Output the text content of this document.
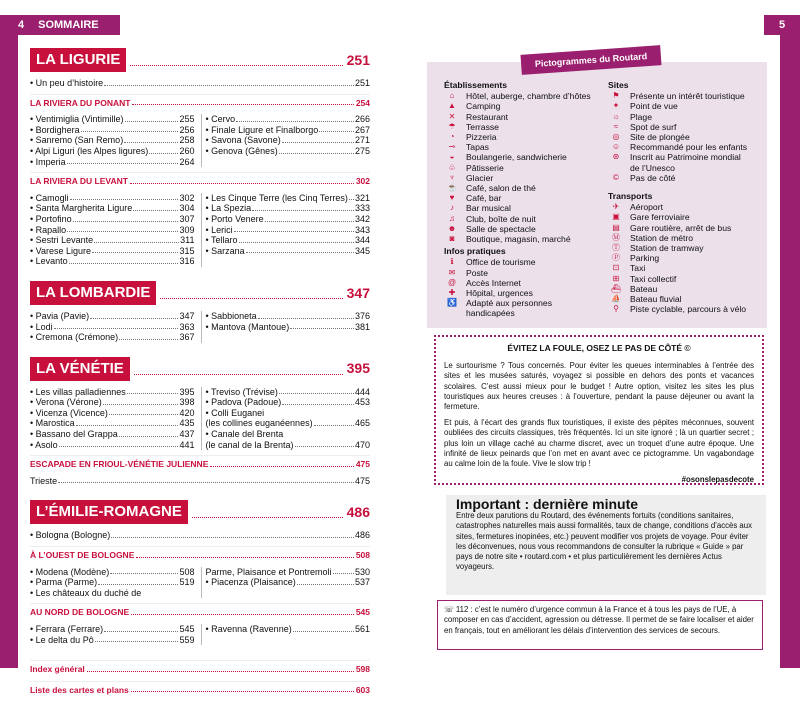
4 SOMMAIRE	5
LA LIGURIE	251
• Un peu d’histoire	251
LA RIVIERA DU PONANT	254
• Ventimiglia (Vintimille)	255
• Bordighera	256
• Sanremo (San Remo)	258
• Alpi Liguri (les Alpes ligures)	260
• Imperia	264
• Cervo	266
• Finale Ligure et Finalborgo	267
• Savona (Savone)	271
• Genova (Gênes)	275
LA RIVIERA DU LEVANT	302
• Camogli	302
• Santa Margherita Ligure	304
• Portofino	307
• Rapallo	309
• Sestri Levante	311
• Varese Ligure	315
• Levanto	316
• Les Cinque Terre (les Cinq Terres) 321
• La Spezia	333
• Porto Venere	342
• Lerici	343
• Tellaro	344
• Sarzana	345
LA LOMBARDIE	347
• Pavia (Pavie)	347
• Lodi	363
• Cremona (Crémone)	367
• Sabbioneta	376
• Mantova (Mantoue)	381
LA VÉNÉTIE	395
• Les villas palladiennes	395
• Verona (Vérone)	398
• Vicenza (Vicence)	420
• Marostica	435
• Bassano del Grappa	437
• Asolo	441
• Treviso (Trévise)	444
• Padova (Padoue)	453
• Colli Euganei
(les collines euganéennes)	465
• Canale del Brenta
(le canal de la Brenta)	470
ESCAPADE EN FRIOUL-VÉNÉTIE JULIENNE	475
Trieste	475
L’ÉMILIE-ROMAGNE	486
• Bologna (Bologne)	486
À L’OUEST DE BOLOGNE	508
• Modena (Modène)	508
• Parma (Parme)	519
• Les châteaux du duché de
Parme, Plaisance et Pontremoli	530
• Piacenza (Plaisance)	537
AU NORD DE BOLOGNE	545
• Ferrara (Ferrare)	545
• Le delta du Pô	559
• Ravenna (Ravenne)	561
Index général	598
Liste des cartes et plans	603
Pictogrammes du Routard
Établissements
⌂	Hôtel, auberge, chambre d’hôtes
▲	Camping
✕	Restaurant
☂	Terrasse
◔	Pizzeria
⊸	Tapas
◒	Boulangerie, sandwicherie
♧	Pâtisserie
♆	Glacier
☕	Café, salon de thé
♥	Café, bar
♪	Bar musical
♫	Club, boîte de nuit
☻	Salle de spectacle
◙	Boutique, magasin, marché
Infos pratiques
ℹ	Office de tourisme
✉	Poste
@	Accès Internet
✚	Hôpital, urgences
♿	Adapté aux personnes
handicapées
Sites
⚑	Présente un intérêt touristique
✦	Point de vue
☼	Plage
≈	Spot de surf
◎	Site de plongée
☺	Recommandé pour les enfants
⊛	Inscrit au Patrimoine mondial
de l’Unesco
©	Pas de côté
Transports
✈	Aéroport
▣	Gare ferroviaire
▤	Gare routière, arrêt de bus
Ⓜ	Station de métro
Ⓣ	Station de tramway
Ⓟ	Parking
⊡	Taxi
⊞	Taxi collectif
⛴	Bateau
⛵	Bateau fluvial
⚲	Piste cyclable, parcours à vélo
ÉVITEZ LA FOULE, OSEZ LE PAS DE CÔTÉ ©

Le surtourisme ? Tous concernés. Pour éviter les queues interminables à l’entrée des sites et les musées saturés, voyagez si possible en dehors des ponts et vacances scolaires. C’est aussi mieux pour le budget ! Autre option, visitez les sites les plus touristiques aux heures creuses : à l’ouverture, pendant la pause déjeuner ou avant la fermeture.

Et puis, à l’écart des grands flux touristiques, il existe des pépites méconnues, souvent oubliées des circuits classiques, très fréquentés. Ici un site ignoré ; là un quartier secret ; plus loin un village caché au charme discret, avec un troquet d’une autre époque. Une infinité de lieux peinards que l’on met en avant avec ce pictogramme. Un vagabondage au calme loin de la foule. Vive le slow trip !

#osonslepasdecote
Important : dernière minute
Entre deux parutions du Routard, des événements fortuits (conditions sanitaires, catastrophes naturelles mais aussi formalités, taux de change, conditions d’accès aux sites, fermetures inopinées, etc.) peuvent modifier vos projets de voyage. Pour éviter les déconvenues, nous vous recommandons de consulter la rubrique « Guide » par pays de notre site • routard.com • et plus particulièrement les dernières Actus voyageurs.
☏ 112 : c’est le numéro d’urgence commun à la France et à tous les pays de l’UE, à composer en cas d’accident, agression ou détresse. Il permet de se faire localiser et aider en français, tout en améliorant les délais d’intervention des services de secours.
